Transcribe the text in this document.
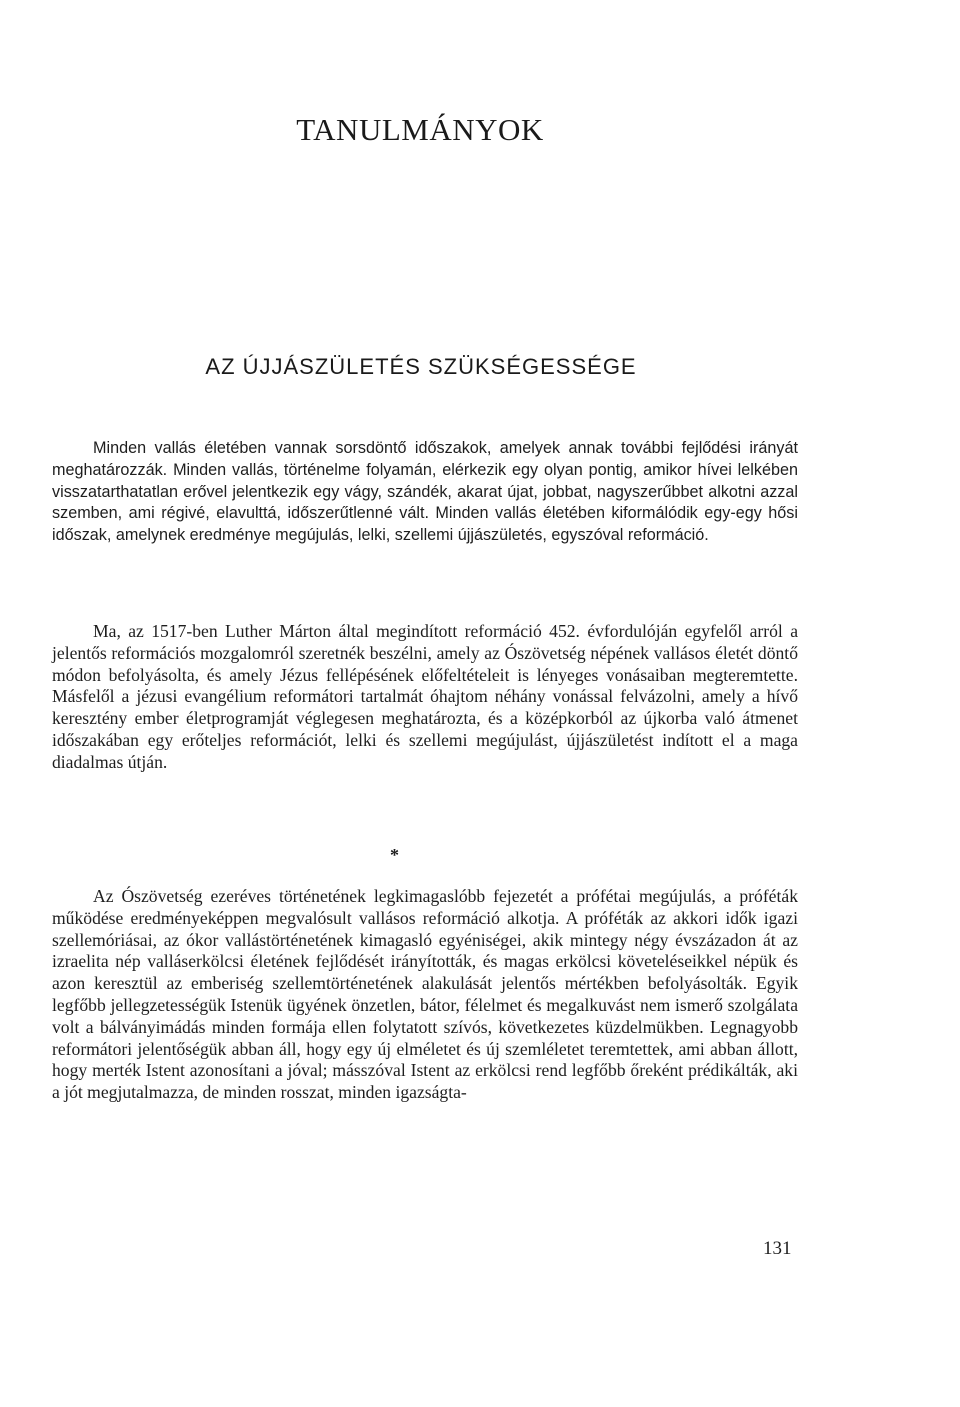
TANULMÁNYOK
AZ ÚJJÁSZÜLETÉS SZÜKSÉGESSÉGE

Minden vallás életében vannak sorsdöntő időszakok, amelyek annak további fejlődési irányát meghatározzák. Minden vallás, történelme folyamán, elérkezik egy olyan pontig, amikor hívei lelkében visszatarthatatlan erővel jelentkezik egy vágy, szándék, akarat újat, jobbat, nagyszerűbbet alkotni azzal szemben, ami régivé, elavulttá, időszerűtlenné vált. Minden vallás életében kiformálódik egy-egy hősi időszak, amelynek eredménye megújulás, lelki, szellemi újjászületés, egyszóval reformáció.

Ma, az 1517-ben Luther Márton által megindított reformáció 452. évfordulóján egyfelől arról a jelentős reformációs mozgalomról szeretnék beszélni, amely az Ószövetség népének vallásos életét döntő módon befolyásolta, és amely Jézus fellépésének előfeltételeit is lényeges vonásaiban megteremtette. Másfelől a jézusi evangélium reformátori tartalmát óhajtom néhány vonással felvázolni, amely a hívő keresztény ember életprogramját véglegesen meghatározta, és a középkorból az újkorba való átmenet időszakában egy erőteljes reformációt, lelki és szellemi megújulást, újjászületést indított el a maga diadalmas útján.

*

Az Ószövetség ezeréves történetének legkimagaslóbb fejezetét a prófétai megújulás, a próféták működése eredményeképpen megvalósult vallásos reformáció alkotja. A próféták az akkori idők igazi szellemóriásai, az ókor vallástörténetének kimagasló egyéniségei, akik mintegy négy évszázadon át az izraelita nép valláserkölcsi életének fejlődését irányították, és magas erkölcsi követeléseikkel népük és azon keresztül az emberiség szellemtörténetének alakulását jelentős mértékben befolyásolták. Egyik legfőbb jellegzetességük Istenük ügyének önzetlen, bátor, félelmet és megalkuvást nem ismerő szolgálata volt a bálványimádás minden formája ellen folytatott szívós, következetes küzdelmükben. Legnagyobb reformátori jelentőségük abban áll, hogy egy új elméletet és új szemléletet teremtettek, ami abban állott, hogy merték Istent azonosítani a jóval; másszóval Istent az erkölcsi rend legfőbb őreként prédikálták, aki a jót megjutalmazza, de minden rosszat, minden igazságta-

131
